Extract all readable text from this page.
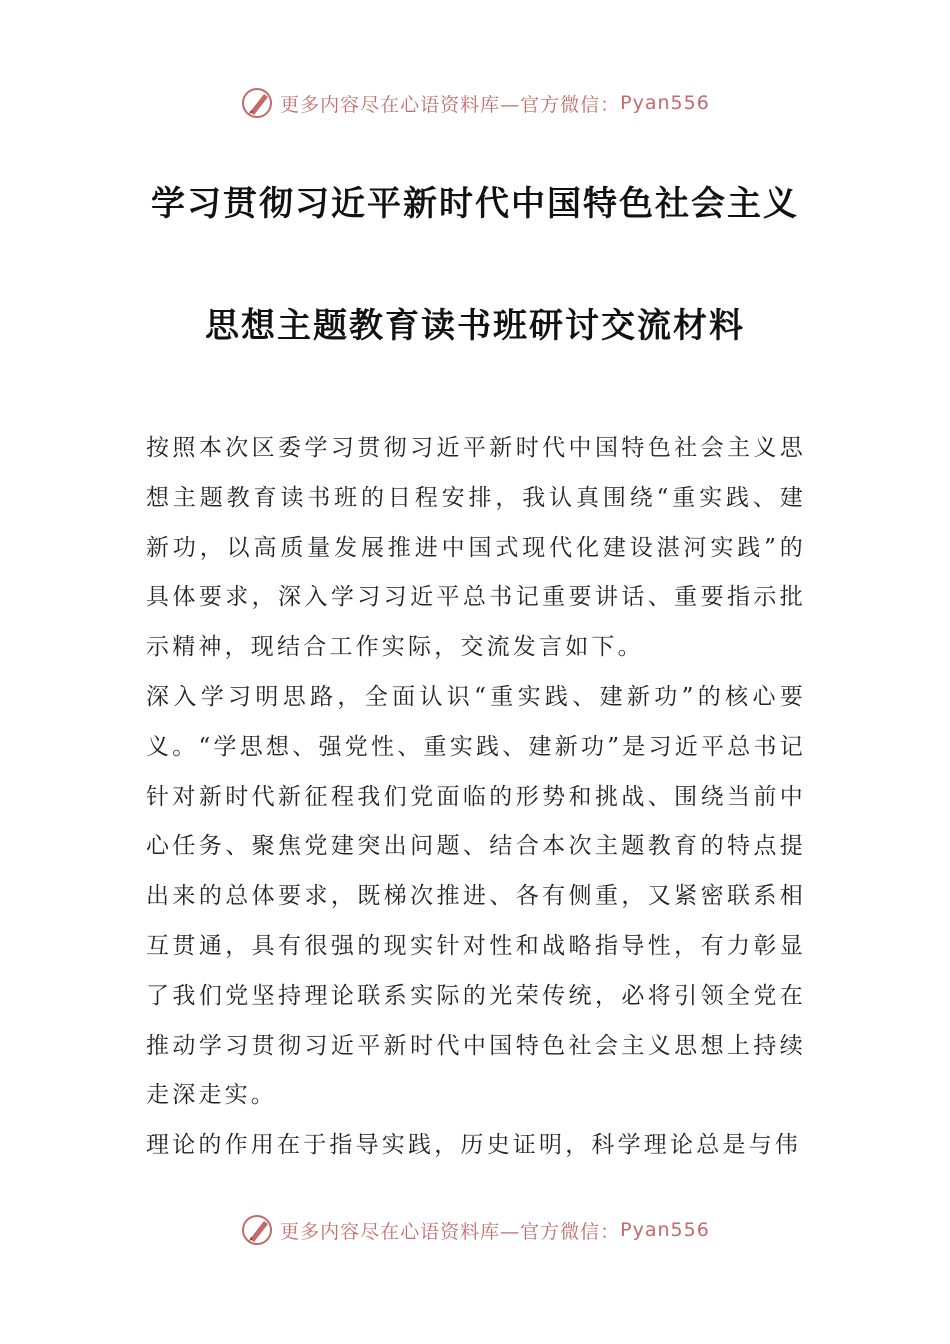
更多内容尽在心语资料库—官方微信： Pyan556
学习贯彻习近平新时代中国特色社会主义
思想主题教育读书班研讨交流材料

按照本次区委学习贯彻习近平新时代中国特色社会主义思想主题教育读书班的日程安排，我认真围绕“重实践、建新功，以高质量发展推进中国式现代化建设湛河实践”的具体要求，深入学习习近平总书记重要讲话、重要指示批示精神，现结合工作实际，交流发言如下。

深入学习明思路，全面认识“重实践、建新功”的核心要义。“学思想、强党性、重实践、建新功”是习近平总书记针对新时代新征程我们党面临的形势和挑战、围绕当前中心任务、聚焦党建突出问题、结合本次主题教育的特点提出来的总体要求，既梯次推进、各有侧重，又紧密联系相互贯通，具有很强的现实针对性和战略指导性，有力彰显了我们党坚持理论联系实际的光荣传统，必将引领全党在推动学习贯彻习近平新时代中国特色社会主义思想上持续走深走实。

理论的作用在于指导实践，历史证明，科学理论总是与伟

更多内容尽在心语资料库—官方微信： Pyan556
